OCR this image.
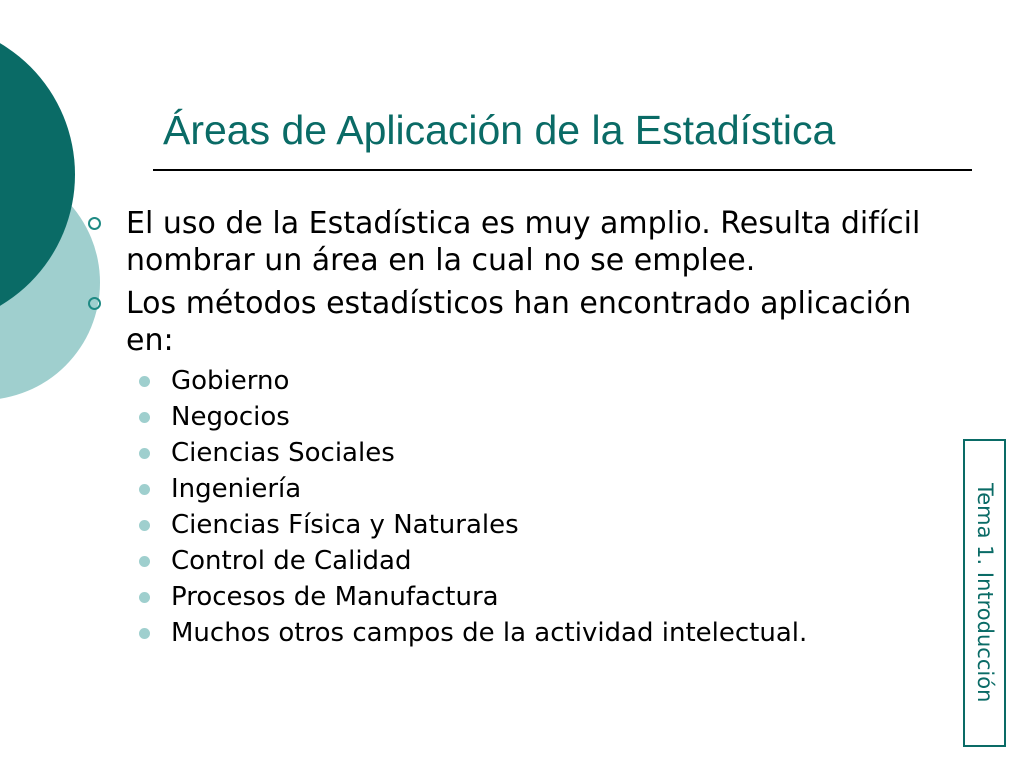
Áreas de Aplicación de la Estadística
El uso de la Estadística es muy amplio. Resulta difícil nombrar un área en la cual no se emplee.
Los métodos estadísticos han encontrado aplicación en:
Gobierno
Negocios
Ciencias Sociales
Ingeniería
Ciencias Física y Naturales
Control de Calidad
Procesos de Manufactura
Muchos otros campos de la actividad intelectual.	Tema 1. Introducción
